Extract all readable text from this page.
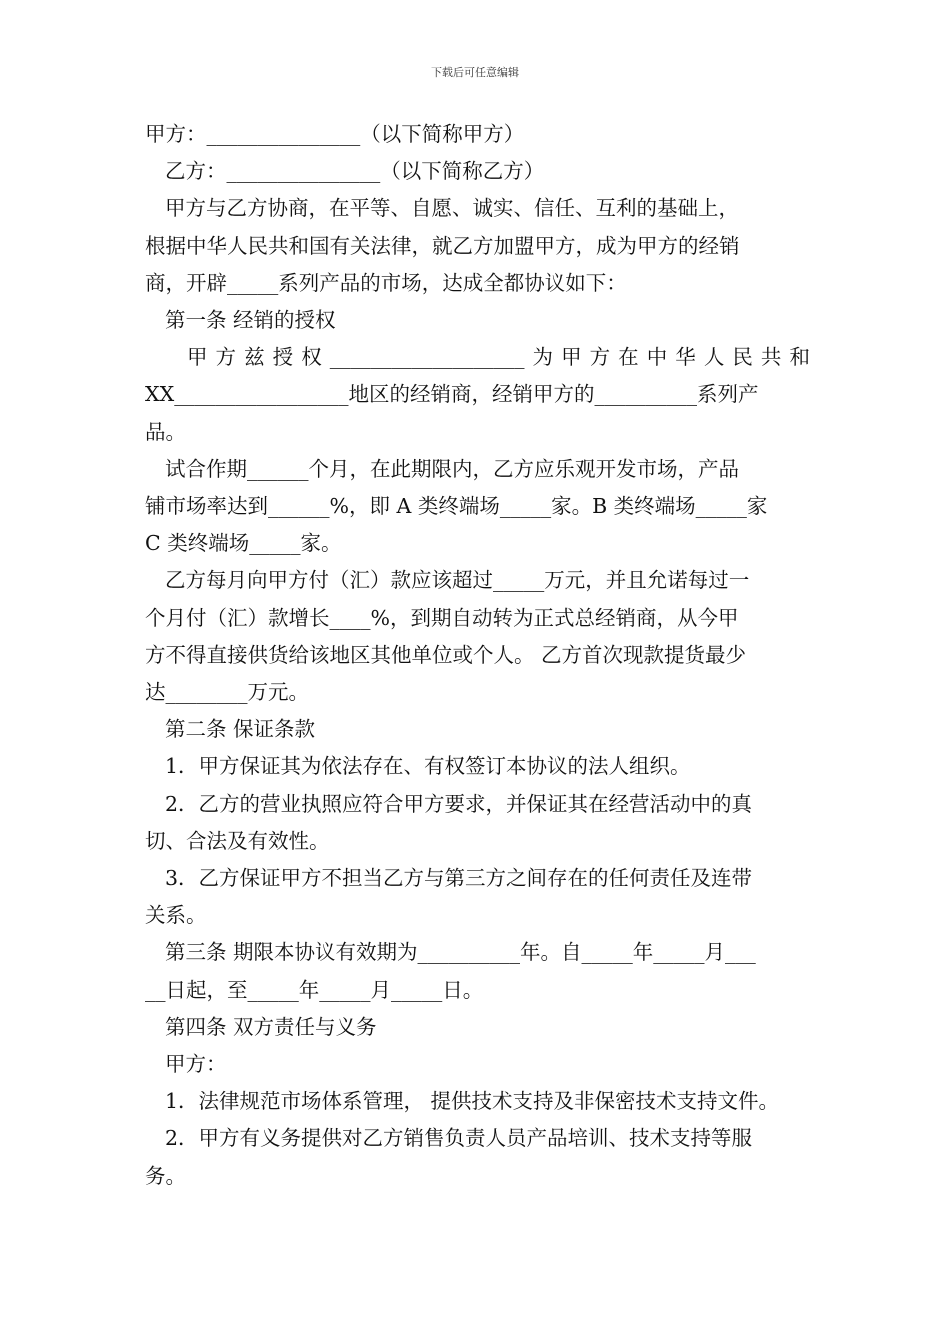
下载后可任意编辑

甲方：_______________（以下简称甲方）

乙方：_______________（以下简称乙方）

甲方与乙方协商，在平等、自愿、诚实、信任、互利的基础上，

根据中华人民共和国有关法律，就乙方加盟甲方，成为甲方的经销

商，开辟_____系列产品的市场，达成全都协议如下：

第一条 经销的授权

甲 方 兹 授 权 ___________________ 为 甲 方 在 中 华 人 民 共 和

XX_________________地区的经销商，经销甲方的__________系列产

品。

试合作期______个月，在此期限内，乙方应乐观开发市场，产品

铺市场率达到______%，即 A 类终端场_____家。B 类终端场_____家

C 类终端场_____家。

乙方每月向甲方付（汇）款应该超过_____万元，并且允诺每过一

个月付（汇）款增长____%，到期自动转为正式总经销商，从今甲

方不得直接供货给该地区其他单位或个人。 乙方首次现款提货最少

达________万元。

第二条 保证条款

1．甲方保证其为依法存在、有权签订本协议的法人组织。

2．乙方的营业执照应符合甲方要求，并保证其在经营活动中的真

切、合法及有效性。

3．乙方保证甲方不担当乙方与第三方之间存在的任何责任及连带

关系。

第三条 期限本协议有效期为__________年。自_____年_____月___

__日起，至_____年_____月_____日。

第四条 双方责任与义务

甲方：

1．法律规范市场体系管理， 提供技术支持及非保密技术支持文件。

2．甲方有义务提供对乙方销售负责人员产品培训、技术支持等服

务。
